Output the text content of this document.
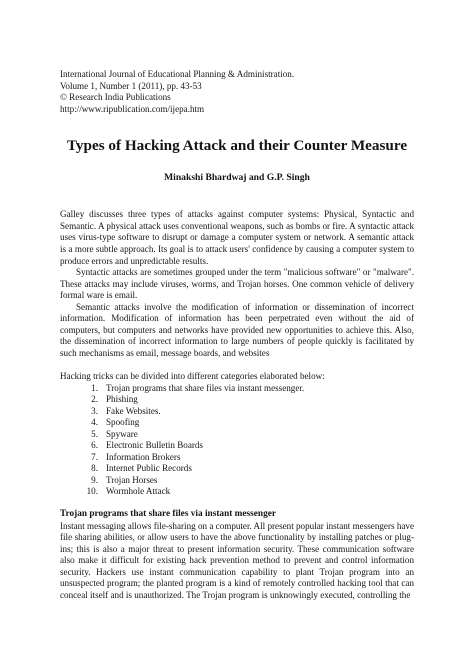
International Journal of Educational Planning & Administration.
Volume 1, Number 1 (2011), pp. 43-53
© Research India Publications
http://www.ripublication.com/ijepa.htm
Types of Hacking Attack and their Counter Measure
Minakshi Bhardwaj and G.P. Singh

Galley discusses three types of attacks against computer systems: Physical, Syntactic and Semantic. A physical attack uses conventional weapons, such as bombs or fire. A syntactic attack uses virus-type software to disrupt or damage a computer system or network. A semantic attack is a more subtle approach. Its goal is to attack users' confidence by causing a computer system to produce errors and unpredictable results.

Syntactic attacks are sometimes grouped under the term "malicious software" or "malware". These attacks may include viruses, worms, and Trojan horses. One common vehicle of delivery formal ware is email.

Semantic attacks involve the modification of information or dissemination of incorrect information. Modification of information has been perpetrated even without the aid of computers, but computers and networks have provided new opportunities to achieve this. Also, the dissemination of incorrect information to large numbers of people quickly is facilitated by such mechanisms as email, message boards, and websites

Hacking tricks can be divided into different categories elaborated below:

1. Trojan programs that share files via instant messenger.
2. Phishing
3. Fake Websites.
4. Spoofing
5. Spyware
6. Electronic Bulletin Boards
7. Information Brokers
8. Internet Public Records
9. Trojan Horses
10. Wormhole Attack
Trojan programs that share files via instant messenger

Instant messaging allows file-sharing on a computer. All present popular instant messengers have file sharing abilities, or allow users to have the above functionality by installing patches or plug-ins; this is also a major threat to present information security. These communication software also make it difficult for existing hack prevention method to prevent and control information security. Hackers use instant communication capability to plant Trojan program into an unsuspected program; the planted program is a kind of remotely controlled hacking tool that can conceal itself and is unauthorized. The Trojan program is unknowingly executed, controlling the
